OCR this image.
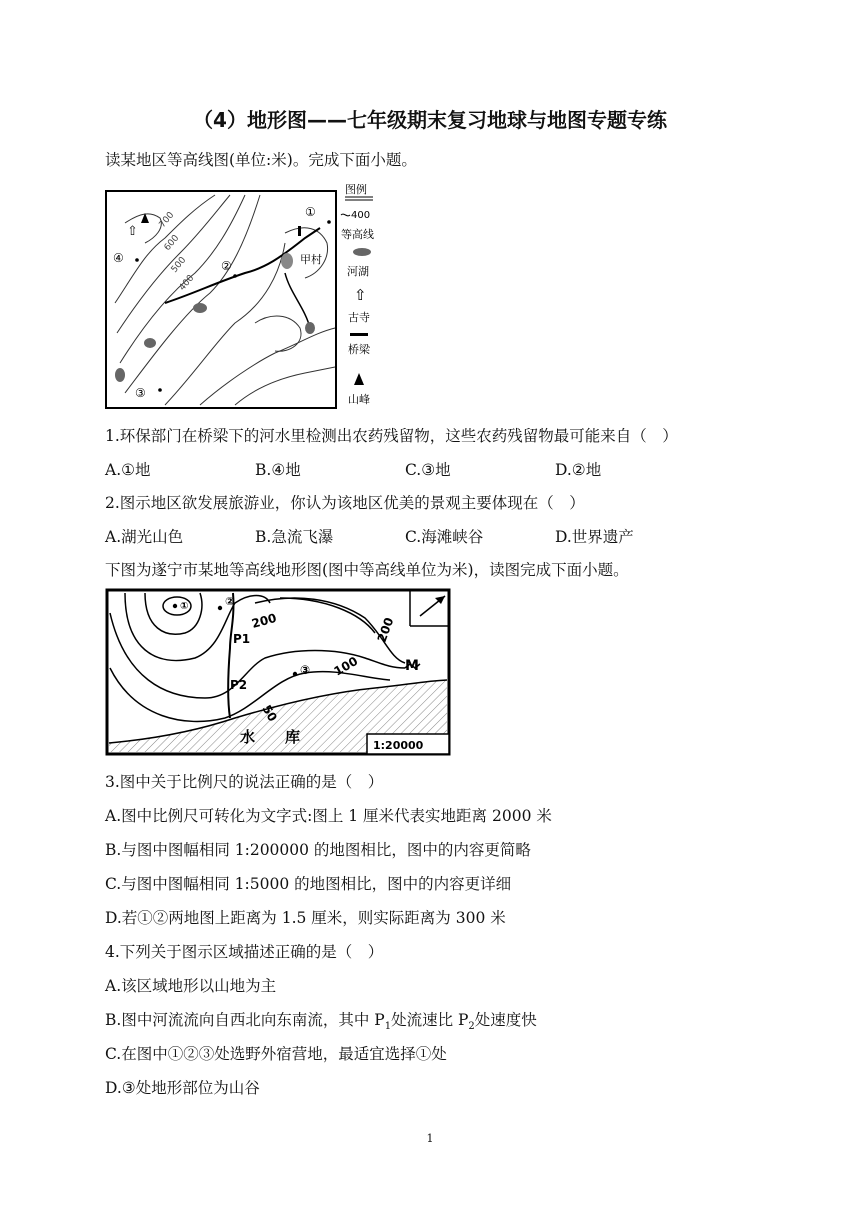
（4）地形图——七年级期末复习地球与地图专题专练
读某地区等高线图(单位:米)。完成下面小题。
⇧
①
②
③
④	甲村
700
600
500
400
图例
400
等高线
河湖
⇧
古寺
桥梁
山峰
1.环保部门在桥梁下的河水里检测出农药残留物，这些农药残留物最可能来自（　）
A.①地	B.④地	C.③地	D.②地
2.图示地区欲发展旅游业，你认为该地区优美的景观主要体现在（　）
A.湖光山色	B.急流飞瀑	C.海滩峡谷	D.世界遗产
下图为遂宁市某地等高线地形图(图中等高线单位为米)，读图完成下面小题。
①	②
③
200	200
100
50
P1
P2
M
水　　库	1:20000
3.图中关于比例尺的说法正确的是（　）
A.图中比例尺可转化为文字式:图上 1 厘米代表实地距离 2000 米
B.与图中图幅相同 1:200000 的地图相比，图中的内容更简略
C.与图中图幅相同 1:5000 的地图相比，图中的内容更详细
D.若①②两地图上距离为 1.5 厘米，则实际距离为 300 米
4.下列关于图示区域描述正确的是（　）
A.该区域地形以山地为主
B.图中河流流向自西北向东南流，其中 $P_1$处流速比 $P_2$处速度快
C.在图中①②③处选野外宿营地，最适宜选择①处
D.③处地形部位为山谷
1
